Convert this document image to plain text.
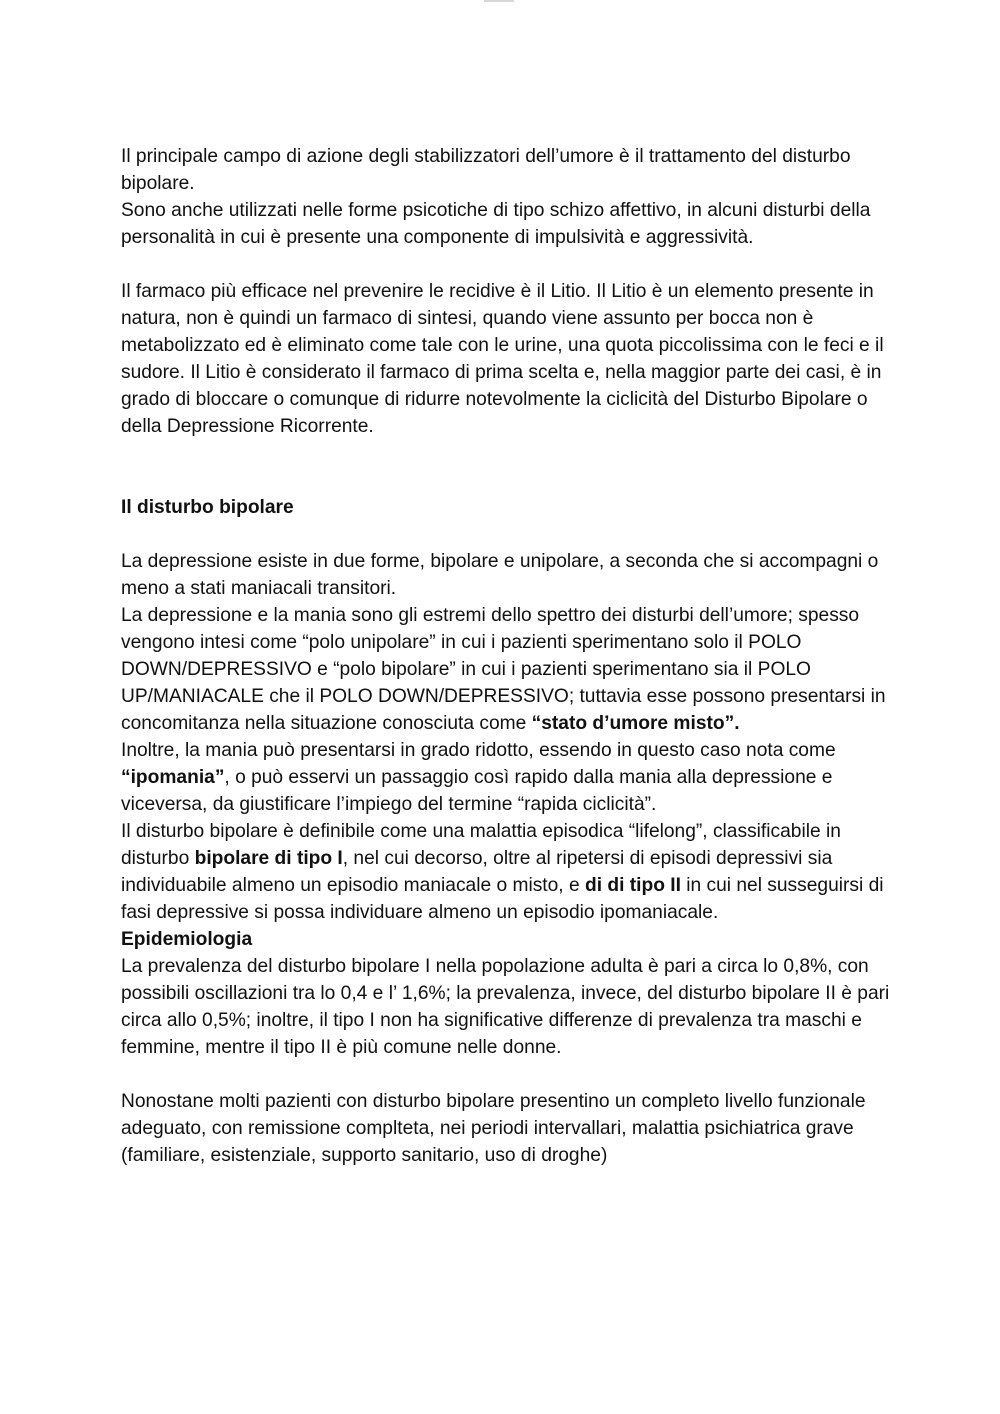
Il principale campo di azione degli stabilizzatori dell’umore è il trattamento del disturbo bipolare.

Sono anche utilizzati nelle forme psicotiche di tipo schizo affettivo, in alcuni disturbi della personalità in cui è presente una componente di impulsività e aggressività.

Il farmaco più efficace nel prevenire le recidive è il Litio. Il Litio è un elemento presente in natura, non è quindi un farmaco di sintesi, quando viene assunto per bocca non è metabolizzato ed è eliminato come tale con le urine, una quota piccolissima con le feci e il sudore. Il Litio è considerato il farmaco di prima scelta e, nella maggior parte dei casi, è in grado di bloccare o comunque di ridurre notevolmente la ciclicità del Disturbo Bipolare o della Depressione Ricorrente.

Il disturbo bipolare

La depressione esiste in due forme, bipolare e unipolare, a seconda che si accompagni o meno a stati maniacali transitori.

La depressione e la mania sono gli estremi dello spettro dei disturbi dell’umore; spesso vengono intesi come “polo unipolare” in cui i pazienti sperimentano solo il POLO DOWN/DEPRESSIVO e “polo bipolare” in cui i pazienti sperimentano sia il POLO UP/MANIACALE che il POLO DOWN/DEPRESSIVO; tuttavia esse possono presentarsi in concomitanza nella situazione conosciuta come “stato d’umore misto”.

Inoltre, la mania può presentarsi in grado ridotto, essendo in questo caso nota come “ipomania”, o può esservi un passaggio così rapido dalla mania alla depressione e viceversa, da giustificare l’impiego del termine “rapida ciclicità”.

Il disturbo bipolare è definibile come una malattia episodica “lifelong”, classificabile in disturbo bipolare di tipo I, nel cui decorso, oltre al ripetersi di episodi depressivi sia individuabile almeno un episodio maniacale o misto, e di di tipo II in cui nel susseguirsi di fasi depressive si possa individuare almeno un episodio ipomaniacale.

Epidemiologia

La prevalenza del disturbo bipolare I nella popolazione adulta è pari a circa lo 0,8%, con possibili oscillazioni tra lo 0,4 e l’ 1,6%; la prevalenza, invece, del disturbo bipolare II è pari circa allo 0,5%; inoltre, il tipo I non ha significative differenze di prevalenza tra maschi e femmine, mentre il tipo II è più comune nelle donne.

Nonostane molti pazienti con disturbo bipolare presentino un completo livello funzionale adeguato, con remissione complteta, nei periodi intervallari, malattia psichiatrica grave (familiare, esistenziale, supporto sanitario, uso di droghe)
